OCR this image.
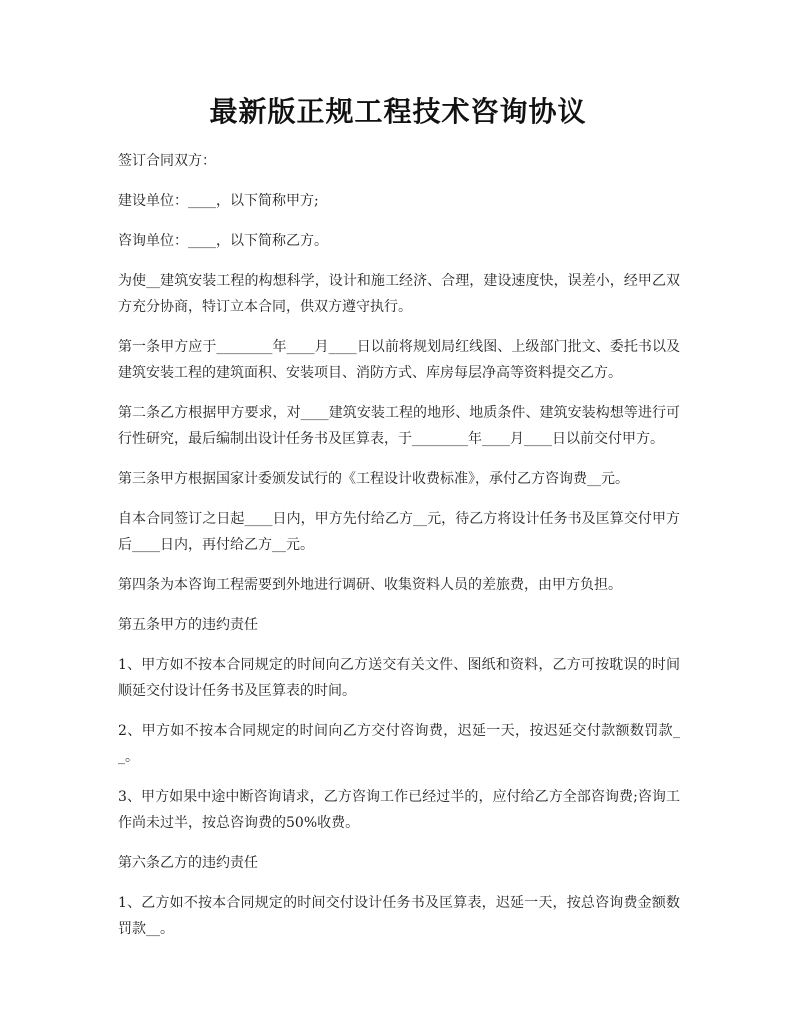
最新版正规工程技术咨询协议

签订合同双方：

建设单位：____，以下简称甲方;

咨询单位：____，以下简称乙方。

为使__建筑安装工程的构想科学，设计和施工经济、合理，建设速度快，误差小，经甲乙双方充分协商，特订立本合同，供双方遵守执行。

第一条甲方应于________年____月____日以前将规划局红线图、上级部门批文、委托书以及建筑安装工程的建筑面积、安装项目、消防方式、库房每层净高等资料提交乙方。

第二条乙方根据甲方要求，对____建筑安装工程的地形、地质条件、建筑安装构想等进行可行性研究，最后编制出设计任务书及匡算表，于________年____月____日以前交付甲方。

第三条甲方根据国家计委颁发试行的《工程设计收费标准》，承付乙方咨询费__元。

自本合同签订之日起____日内，甲方先付给乙方__元，待乙方将设计任务书及匡算交付甲方后____日内，再付给乙方__元。

第四条为本咨询工程需要到外地进行调研、收集资料人员的差旅费，由甲方负担。

第五条甲方的违约责任

1、甲方如不按本合同规定的时间向乙方送交有关文件、图纸和资料，乙方可按耽误的时间顺延交付设计任务书及匡算表的时间。

2、甲方如不按本合同规定的时间向乙方交付咨询费，迟延一天，按迟延交付款额数罚款__。

3、甲方如果中途中断咨询请求，乙方咨询工作已经过半的，应付给乙方全部咨询费;咨询工作尚未过半，按总咨询费的50%收费。

第六条乙方的违约责任

1、乙方如不按本合同规定的时间交付设计任务书及匡算表，迟延一天，按总咨询费金额数罚款__。
